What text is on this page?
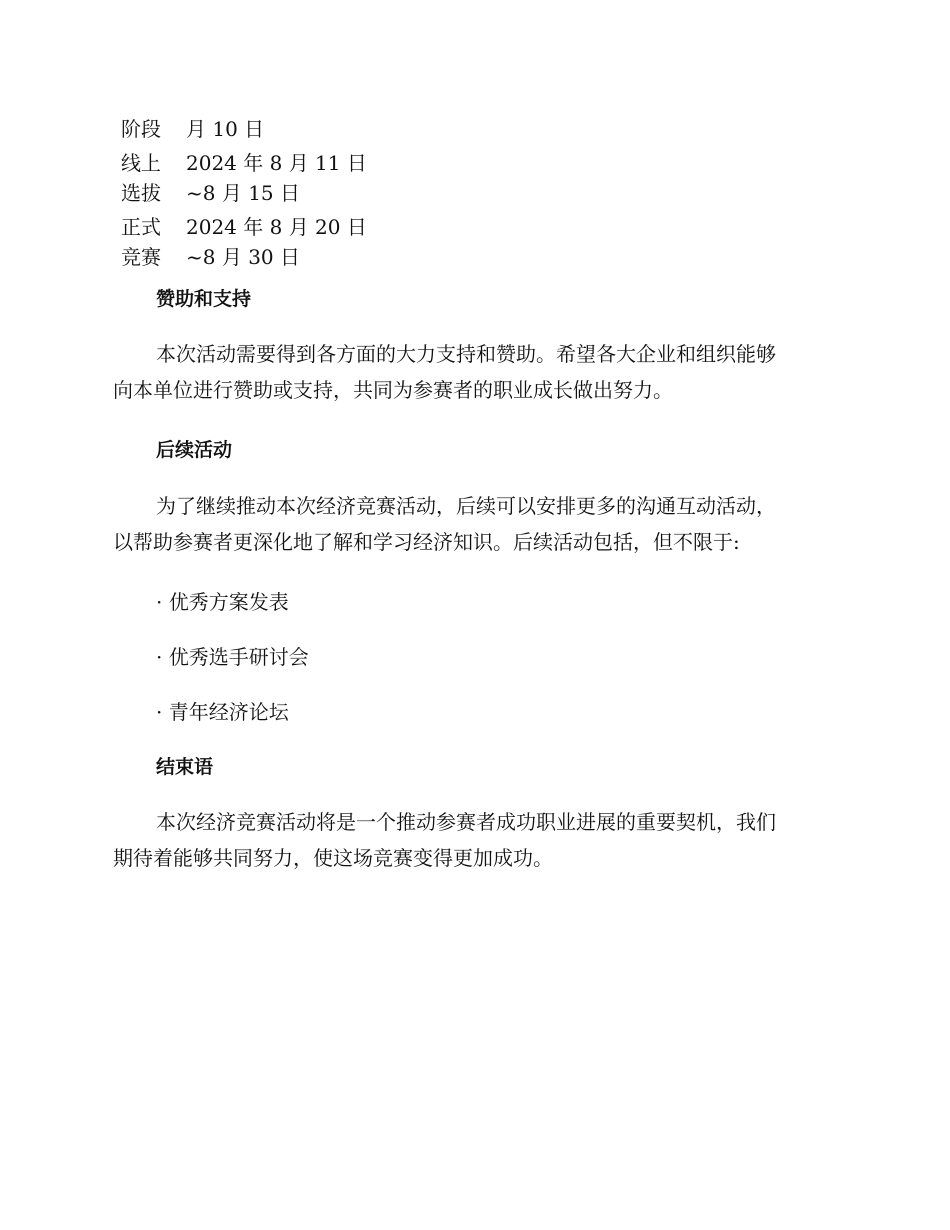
阶段	月 10 日
线上
选拔
2024 年 8 月 11 日
~8 月 15 日
正式
竞赛
2024 年 8 月 20 日
~8 月 30 日
赞助和支持
本次活动需要得到各方面的大力支持和赞助。希望各大企业和组织能够
向本单位进行赞助或支持，共同为参赛者的职业成长做出努力。
后续活动
为了继续推动本次经济竞赛活动，后续可以安排更多的沟通互动活动，
以帮助参赛者更深化地了解和学习经济知识。后续活动包括，但不限于:
· 优秀方案发表
· 优秀选手研讨会
· 青年经济论坛
结束语
本次经济竞赛活动将是一个推动参赛者成功职业进展的重要契机，我们
期待着能够共同努力，使这场竞赛变得更加成功。
